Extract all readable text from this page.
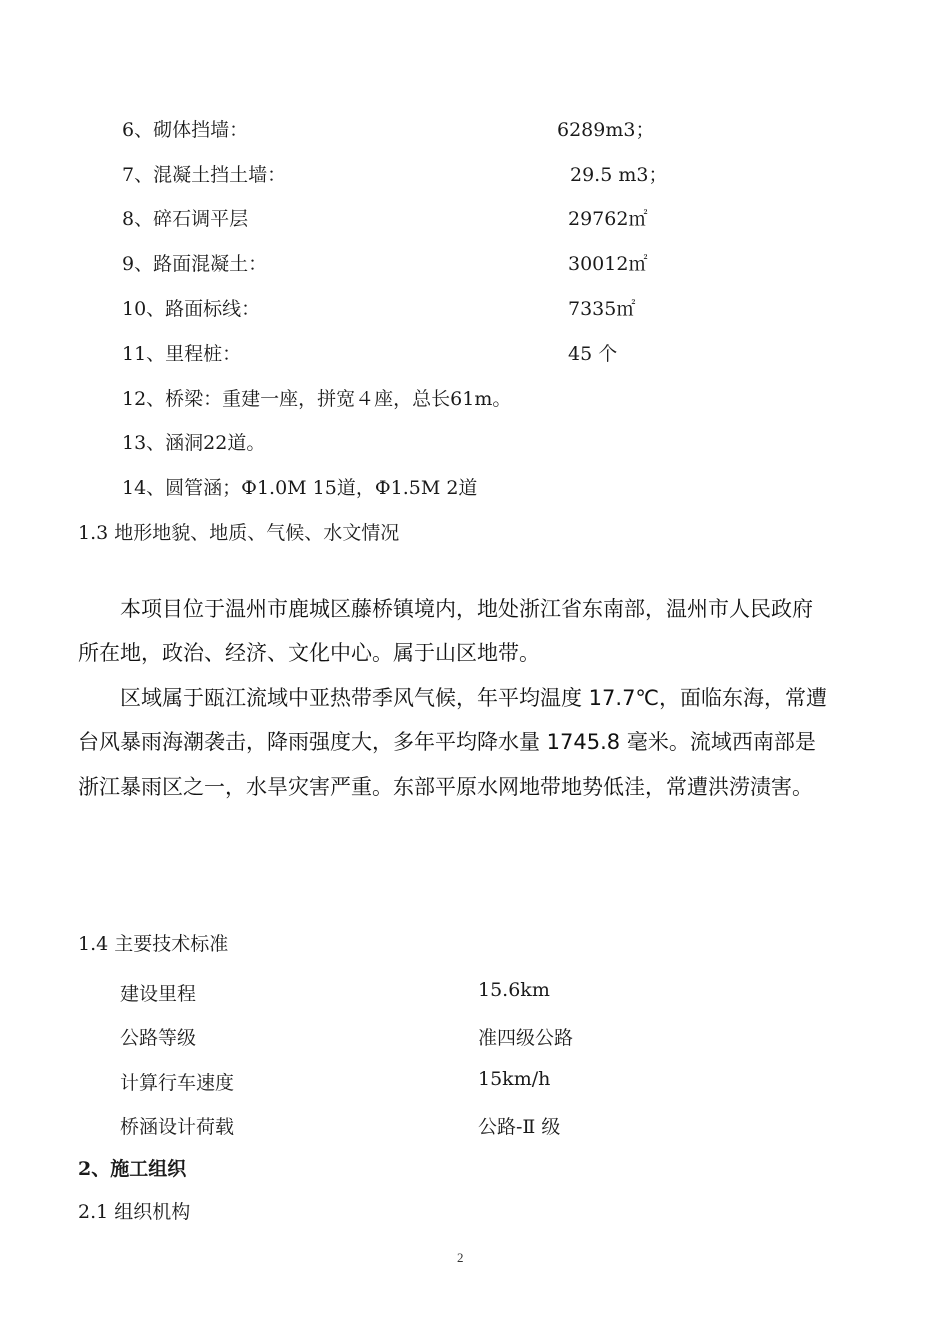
6、砌体挡墙：	6289m3；
7、混凝土挡土墙：	29.5 m3；
8、碎石调平层	29762㎡
9、路面混凝土：	30012㎡
10、路面标线：	7335㎡
11、里程桩：	45 个
12、桥梁：重建一座，拼宽４座，总长61m。
13、涵洞22道。
14、圆管涵；Ф1.0M 15道，Ф1.5M 2道
1.3 地形地貌、地质、气候、水文情况
本项目位于温州市鹿城区藤桥镇境内，地处浙江省东南部，温州市人民政府
所在地，政治、经济、文化中心。属于山区地带。
区域属于瓯江流域中亚热带季风气候，年平均温度 17.7℃，面临东海，常遭
台风暴雨海潮袭击，降雨强度大，多年平均降水量 1745.8 毫米。流域西南部是
浙江暴雨区之一，水旱灾害严重。东部平原水网地带地势低洼，常遭洪涝渍害。
1.4 主要技术标准
建设里程	15.6km
公路等级	准四级公路
计算行车速度	15km/h
桥涵设计荷载	公路-Ⅱ 级
2、施工组织
2.1 组织机构
2
